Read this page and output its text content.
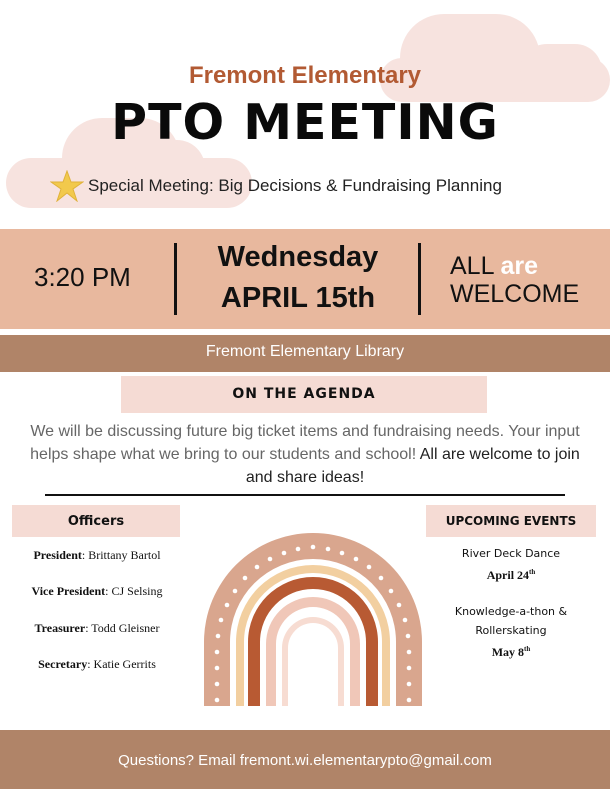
Fremont Elementary
PTO MEETING
Special Meeting: Big Decisions & Fundraising Planning
3:20 PM
Wednesday
APRIL 15th
ALL are
WELCOME
Fremont Elementary Library
ON THE AGENDA
We will be discussing future big ticket items and fundraising needs. Your input helps shape what we bring to our students and school! All are welcome to join and share ideas!
Officers
President: Brittany Bartol
Vice President: CJ Selsing
Treasurer: Todd Gleisner
Secretary: Katie Gerrits
UPCOMING EVENTS
River Deck Dance
April 24th
Knowledge-a-thon & Rollerskating
May 8th
Questions? Email fremont.wi.elementarypto@gmail.com
